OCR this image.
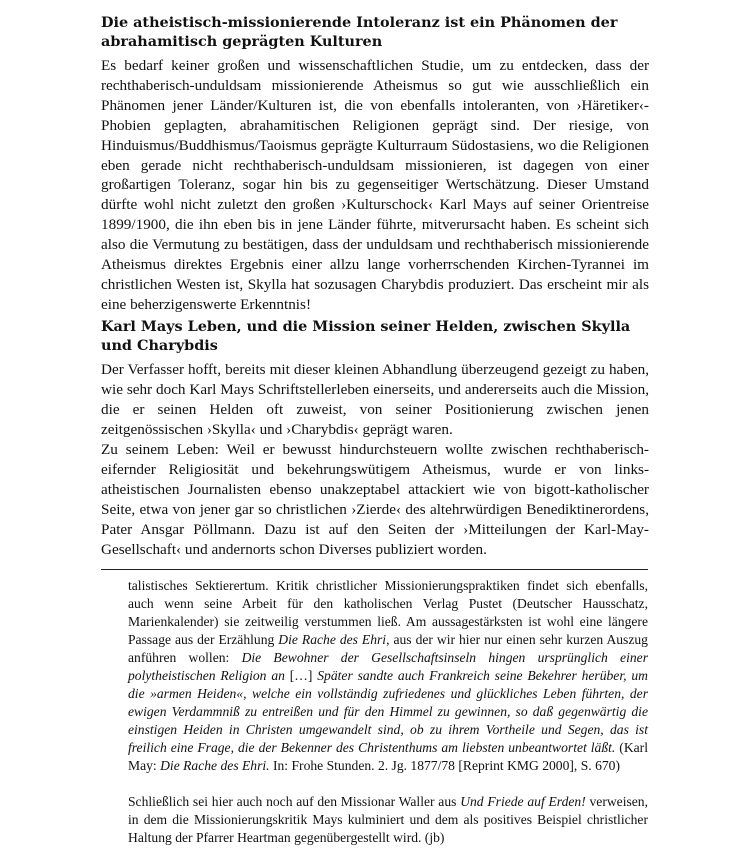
Die atheistisch-missionierende Intoleranz ist ein Phänomen der abrahamitisch geprägten Kulturen

Es bedarf keiner großen und wissenschaftlichen Studie, um zu entdecken, dass der rechthaberisch-unduldsam missionierende Atheismus so gut wie ausschließlich ein Phänomen jener Länder/Kulturen ist, die von ebenfalls intoleranten, von ›Häretiker‹-Phobien geplagten, abrahamitischen Religionen geprägt sind. Der riesige, von Hinduismus/Buddhismus/Taoismus geprägte Kulturraum Südostasiens, wo die Religionen eben gerade nicht rechthaberisch-unduldsam missionieren, ist dagegen von einer großartigen Toleranz, sogar hin bis zu gegenseitiger Wertschätzung. Dieser Umstand dürfte wohl nicht zuletzt den großen ›Kulturschock‹ Karl Mays auf seiner Orientreise 1899/1900, die ihn eben bis in jene Länder führte, mitverursacht haben. Es scheint sich also die Vermutung zu bestätigen, dass der unduldsam und rechthaberisch missionierende Atheismus direktes Ergebnis einer allzu lange vorherrschenden Kirchen-Tyrannei im christlichen Westen ist, Skylla hat sozusagen Charybdis produziert. Das erscheint mir als eine beherzigenswerte Erkenntnis!

Karl Mays Leben, und die Mission seiner Helden, zwischen Skylla und Charybdis

Der Verfasser hofft, bereits mit dieser kleinen Abhandlung überzeugend gezeigt zu haben, wie sehr doch Karl Mays Schriftstellerleben einerseits, und andererseits auch die Mission, die er seinen Helden oft zuweist, von seiner Positionierung zwischen jenen zeitgenössischen ›Skylla‹ und ›Charybdis‹ geprägt waren.

Zu seinem Leben: Weil er bewusst hindurchsteuern wollte zwischen rechthaberisch-eifernder Religiosität und bekehrungswütigem Atheismus, wurde er von links-atheistischen Journalisten ebenso unakzeptabel attackiert wie von bigott-katholischer Seite, etwa von jener gar so christlichen ›Zierde‹ des altehrwürdigen Benediktinerordens, Pater Ansgar Pöllmann. Dazu ist auf den Seiten der ›Mitteilungen der Karl-May-Gesellschaft‹ und andernorts schon Diverses publiziert worden.

talistisches Sektierertum. Kritik christlicher Missionierungspraktiken findet sich ebenfalls, auch wenn seine Arbeit für den katholischen Verlag Pustet (Deutscher Hausschatz, Marienkalender) sie zeitweilig verstummen ließ. Am aussagestärksten ist wohl eine längere Passage aus der Erzählung Die Rache des Ehri, aus der wir hier nur einen sehr kurzen Auszug anführen wollen: Die Bewohner der Gesellschaftsinseln hingen ursprünglich einer polytheistischen Religion an […] Später sandte auch Frankreich seine Bekehrer herüber, um die »armen Heiden«, welche ein vollständig zufriedenes und glückliches Leben führten, der ewigen Verdammniß zu entreißen und für den Himmel zu gewinnen, so daß gegenwärtig die einstigen Heiden in Christen umgewandelt sind, ob zu ihrem Vortheile und Segen, das ist freilich eine Frage, die der Bekenner des Christenthums am liebsten unbeantwortet läßt. (Karl May: Die Rache des Ehri. In: Frohe Stunden. 2. Jg. 1877/78 [Reprint KMG 2000], S. 670)

Schließlich sei hier auch noch auf den Missionar Waller aus Und Friede auf Erden! verweisen, in dem die Missionierungskritik Mays kulminiert und dem als positives Beispiel christlicher Haltung der Pfarrer Heartman gegenübergestellt wird. (jb)
